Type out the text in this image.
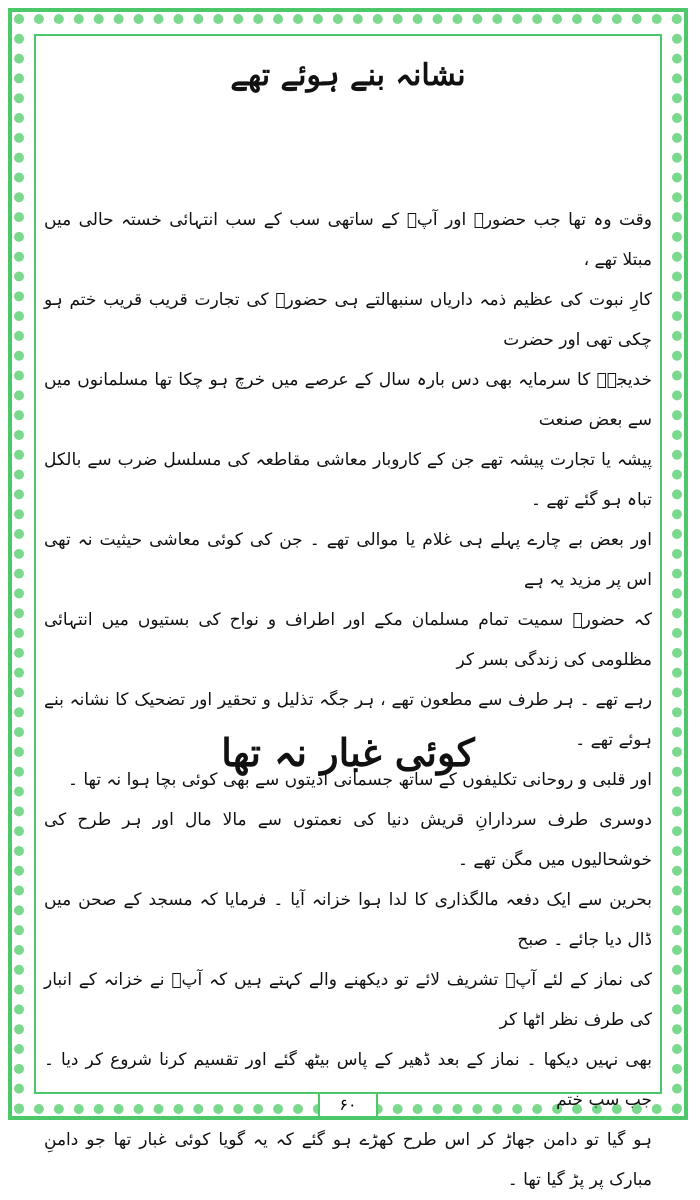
نشانہ بنے ہوئے تھے
وقت وہ تھا جب حضورؐ اور آپؐ کے ساتھی سب کے سب انتہائی خستہ حالی میں مبتلا تھے ،
کارِ نبوت کی عظیم ذمہ داریاں سنبھالتے ہی حضورؐ کی تجارت قریب قریب ختم ہو چکی تھی اور حضرت
خدیجہؓ کا سرمایہ بھی دس بارہ سال کے عرصے میں خرچ ہو چکا تھا مسلمانوں میں سے بعض صنعت
پیشہ یا تجارت پیشہ تھے جن کے کاروبار معاشی مقاطعہ کی مسلسل ضرب سے بالکل تباہ ہو گئے تھے ۔
اور بعض بے چارے پہلے ہی غلام یا موالی تھے ۔ جن کی کوئی معاشی حیثیت نہ تھی اس پر مزید یہ ہے
کہ حضورؐ سمیت تمام مسلمان مکے اور اطراف و نواح کی بستیوں میں انتہائی مظلومی کی زندگی بسر کر
رہے تھے ۔ ہر طرف سے مطعون تھے ، ہر جگہ تذلیل و تحقیر اور تضحیک کا نشانہ بنے ہوئے تھے ۔
اور قلبی و روحانی تکلیفوں کے ساتھ جسمانی اذیتوں سے بھی کوئی بچا ہوا نہ تھا ۔
دوسری طرف سردارانِ قریش دنیا کی نعمتوں سے مالا مال اور ہر طرح کی خوشحالیوں میں مگن تھے ۔
کوئی غبار نہ تھا
بحرین سے ایک دفعہ مالگذاری کا لدا ہوا خزانہ آیا ۔ فرمایا کہ مسجد کے صحن میں ڈال دیا جائے ۔ صبح
کی نماز کے لئے آپؐ تشریف لائے تو دیکھنے والے کہتے ہیں کہ آپؐ نے خزانہ کے انبار کی طرف نظر اٹھا کر
بھی نہیں دیکھا ۔ نماز کے بعد ڈھیر کے پاس بیٹھ گئے اور تقسیم کرنا شروع کر دیا ۔ جب سب ختم
ہو گیا تو دامن جھاڑ کر اس طرح کھڑے ہو گئے کہ یہ گویا کوئی غبار تھا جو دامنِ مبارک پر پڑ گیا تھا ۔
۶۰
